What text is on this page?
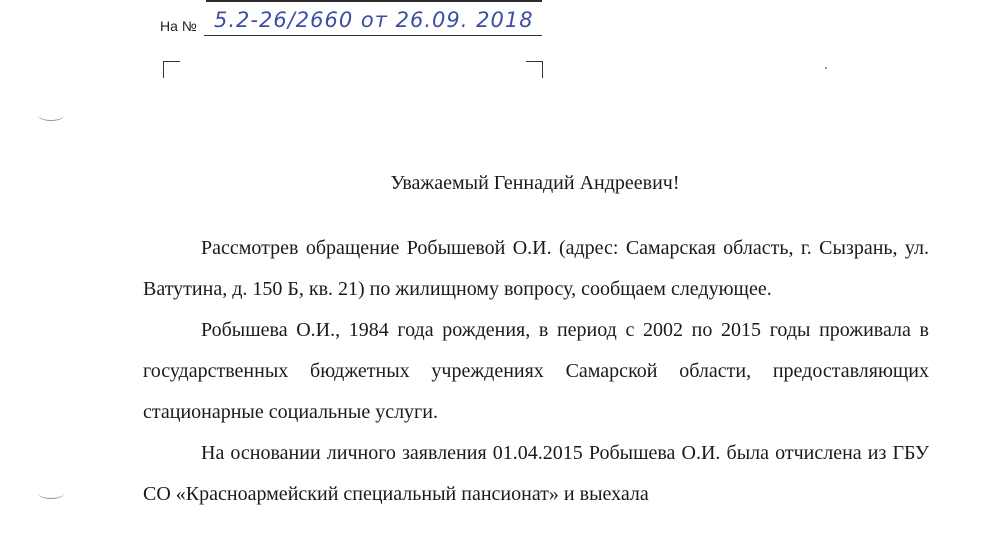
На № 5.2-26/2660 от 26.09. 2018
Уважаемый Геннадий Андреевич!

Рассмотрев обращение Робышевой О.И. (адрес: Самарская область, г. Сызрань, ул. Ватутина, д. 150 Б, кв. 21) по жилищному вопросу, сообщаем следующее.

Робышева О.И., 1984 года рождения, в период с 2002 по 2015 годы проживала в государственных бюджетных учреждениях Самарской области, предоставляющих стационарные социальные услуги.

На основании личного заявления 01.04.2015 Робышева О.И. была отчислена из ГБУ СО «Красноармейский специальный пансионат» и выехала
